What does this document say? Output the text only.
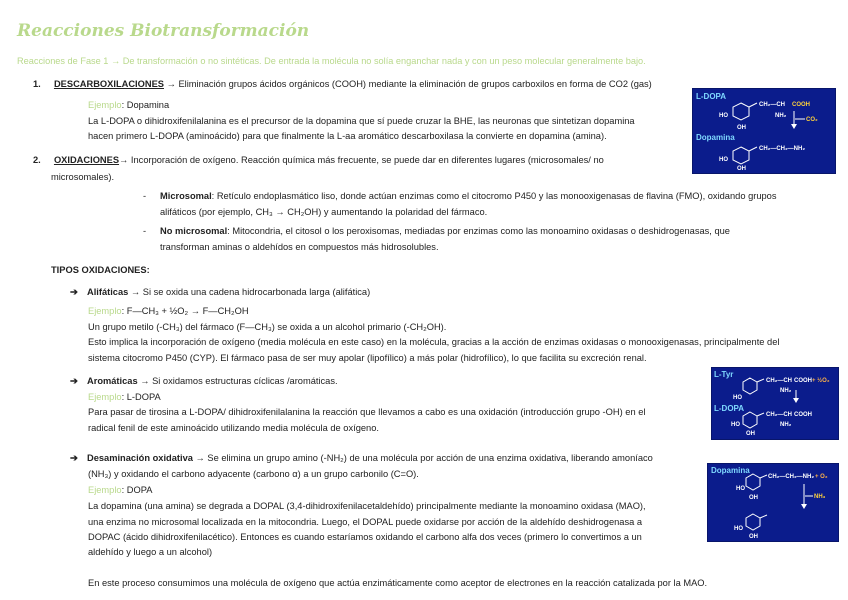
Reacciones Biotransformación
Reacciones de Fase 1 → De transformación o no sintéticas. De entrada la molécula no solía enganchar nada y con un peso molecular generalmente bajo.
1. DESCARBOXILACIONES → Eliminación grupos ácidos orgánicos (COOH) mediante la eliminación de grupos carboxilos en forma de CO2 (gas)
Ejemplo: Dopamina
La L-DOPA o dihidroxifenilalanina es el precursor de la dopamina que sí puede cruzar la BHE, las neuronas que sintetizan dopamina
hacen primero L-DOPA (aminoácido) para que finalmente la L-aa aromático descarboxilasa la convierte en dopamina (amina).
L-DOPA
CH₂—CH COOH
NH₂
CO₂
HO
OH
Dopamina
CH₂—CH₂—NH₂
HO
OH
2. OXIDACIONES→ Incorporación de oxígeno. Reacción química más frecuente, se puede dar en diferentes lugares (microsomales/ no
microsomales).
- Microsomal: Retículo endoplasmático liso, donde actúan enzimas como el citocromo P450 y las monooxigenasas de flavina (FMO), oxidando grupos
alifáticos (por ejemplo, CH₃ → CH₂OH) y aumentando la polaridad del fármaco.
- No microsomal: Mitocondria, el citosol o los peroxisomas, mediadas por enzimas como las monoamino oxidasas o deshidrogenasas, que
transforman aminas o aldehídos en compuestos más hidrosolubles.
TIPOS OXIDACIONES:
➔ Alifáticas → Si se oxida una cadena hidrocarbonada larga (alifática)
Ejemplo: F—CH₃ + ½O₂ → F—CH₂OH
Un grupo metilo (-CH₃) del fármaco (F—CH₃) se oxida a un alcohol primario (-CH₂OH).
Esto implica la incorporación de oxígeno (media molécula en este caso) en la molécula, gracias a la acción de enzimas oxidasas o monooxigenasas, principalmente del
sistema citocromo P450 (CYP). El fármaco pasa de ser muy apolar (lipofílico) a más polar (hidrofílico), lo que facilita su excreción renal.
➔ Aromáticas → Si oxidamos estructuras cíclicas /aromáticas.
Ejemplo: L-DOPA
Para pasar de tirosina a L-DOPA/ dihidroxifenilalanina la reacción que llevamos a cabo es una oxidación (introducción grupo -OH) en el
radical fenil de este aminoácido utilizando media molécula de oxígeno.
L-Tyr
CH₂—CH COOH + ½O₂
NH₂
HO
L-DOPA
CH₂—CH COOH
NH₂
HO
OH
➔ Desaminación oxidativa → Se elimina un grupo amino (-NH₂) de una molécula por acción de una enzima oxidativa, liberando amoníaco
(NH₃) y oxidando el carbono adyacente (carbono α) a un grupo carbonilo (C=O).
Ejemplo: DOPA
La dopamina (una amina) se degrada a DOPAL (3,4-dihidroxifenilacetaldehído) principalmente mediante la monoamino oxidasa (MAO),
una enzima no microsomal localizada en la mitocondria. Luego, el DOPAL puede oxidarse por acción de la aldehído deshidrogenasa a
DOPAC (ácido dihidroxifenilacético). Entonces es cuando estaríamos oxidando el carbono alfa dos veces (primero lo convertimos a un
aldehído y luego a un alcohol)
En este proceso consumimos una molécula de oxígeno que actúa enzimáticamente como aceptor de electrones en la reacción catalizada por la MAO.
Dopamina
CH₂—CH₂—NH₂ + O₂
NH₃
HO
OH
HO
OH
